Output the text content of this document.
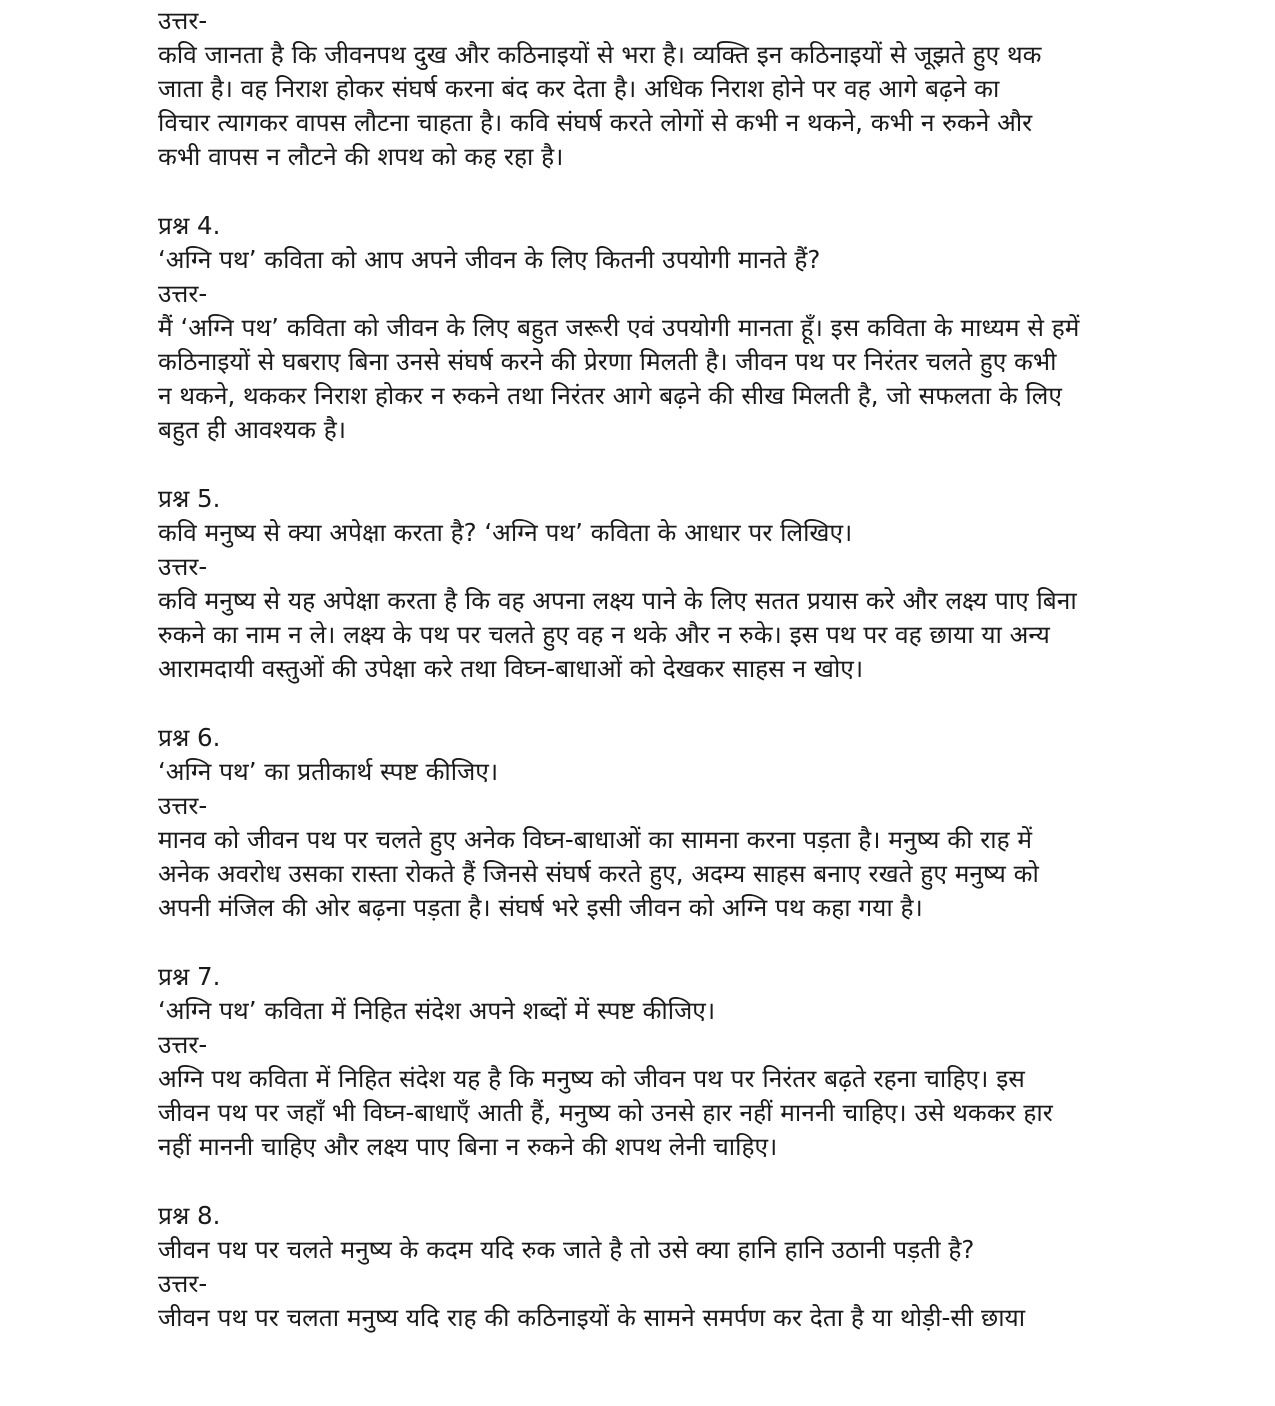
उत्तर-
कवि जानता है कि जीवनपथ दुख और कठिनाइयों से भरा है। व्यक्ति इन कठिनाइयों से जूझते हुए थक
जाता है। वह निराश होकर संघर्ष करना बंद कर देता है। अधिक निराश होने पर वह आगे बढ़ने का
विचार त्यागकर वापस लौटना चाहता है। कवि संघर्ष करते लोगों से कभी न थकने, कभी न रुकने और
कभी वापस न लौटने की शपथ को कह रहा है।
प्रश्न 4.
‘अग्नि पथ’ कविता को आप अपने जीवन के लिए कितनी उपयोगी मानते हैं?
उत्तर-
मैं ‘अग्नि पथ’ कविता को जीवन के लिए बहुत जरूरी एवं उपयोगी मानता हूँ। इस कविता के माध्यम से हमें
कठिनाइयों से घबराए बिना उनसे संघर्ष करने की प्रेरणा मिलती है। जीवन पथ पर निरंतर चलते हुए कभी
न थकने, थककर निराश होकर न रुकने तथा निरंतर आगे बढ़ने की सीख मिलती है, जो सफलता के लिए
बहुत ही आवश्यक है।
प्रश्न 5.
कवि मनुष्य से क्या अपेक्षा करता है? ‘अग्नि पथ’ कविता के आधार पर लिखिए।
उत्तर-
कवि मनुष्य से यह अपेक्षा करता है कि वह अपना लक्ष्य पाने के लिए सतत प्रयास करे और लक्ष्य पाए बिना
रुकने का नाम न ले। लक्ष्य के पथ पर चलते हुए वह न थके और न रुके। इस पथ पर वह छाया या अन्य
आरामदायी वस्तुओं की उपेक्षा करे तथा विघ्न-बाधाओं को देखकर साहस न खोए।
प्रश्न 6.
‘अग्नि पथ’ का प्रतीकार्थ स्पष्ट कीजिए।
उत्तर-
मानव को जीवन पथ पर चलते हुए अनेक विघ्न-बाधाओं का सामना करना पड़ता है। मनुष्य की राह में
अनेक अवरोध उसका रास्ता रोकते हैं जिनसे संघर्ष करते हुए, अदम्य साहस बनाए रखते हुए मनुष्य को
अपनी मंजिल की ओर बढ़ना पड़ता है। संघर्ष भरे इसी जीवन को अग्नि पथ कहा गया है।
प्रश्न 7.
‘अग्नि पथ’ कविता में निहित संदेश अपने शब्दों में स्पष्ट कीजिए।
उत्तर-
अग्नि पथ कविता में निहित संदेश यह है कि मनुष्य को जीवन पथ पर निरंतर बढ़ते रहना चाहिए। इस
जीवन पथ पर जहाँ भी विघ्न-बाधाएँ आती हैं, मनुष्य को उनसे हार नहीं माननी चाहिए। उसे थककर हार
नहीं माननी चाहिए और लक्ष्य पाए बिना न रुकने की शपथ लेनी चाहिए।
प्रश्न 8.
जीवन पथ पर चलते मनुष्य के कदम यदि रुक जाते है तो उसे क्या हानि हानि उठानी पड़ती है?
उत्तर-
जीवन पथ पर चलता मनुष्य यदि राह की कठिनाइयों के सामने समर्पण कर देता है या थोड़ी-सी छाया
